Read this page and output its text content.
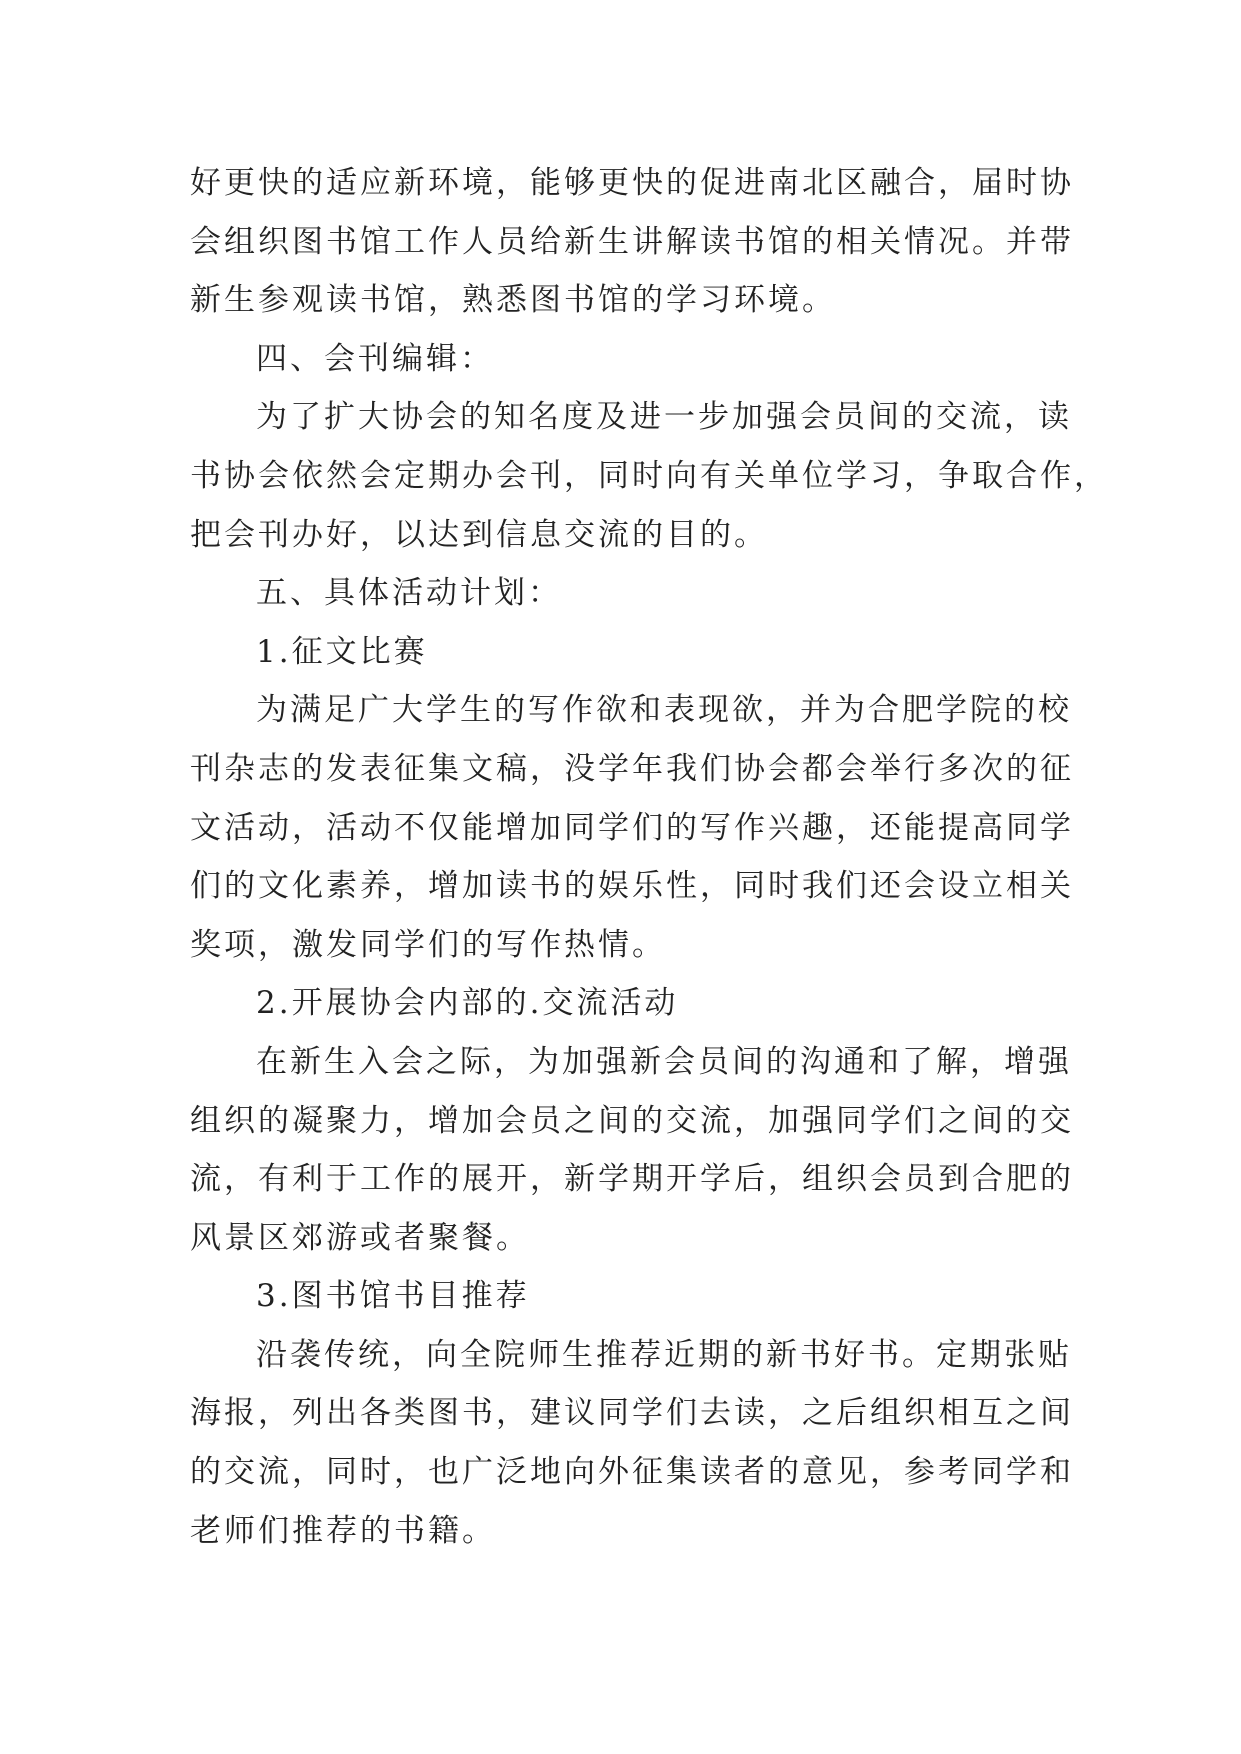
好更快的适应新环境，能够更快的促进南北区融合，届时协
会组织图书馆工作人员给新生讲解读书馆的相关情况。并带
新生参观读书馆，熟悉图书馆的学习环境。
四、会刊编辑：
为了扩大协会的知名度及进一步加强会员间的交流，读
书协会依然会定期办会刊，同时向有关单位学习，争取合作，
把会刊办好，以达到信息交流的目的。
五、具体活动计划：
1.征文比赛
为满足广大学生的写作欲和表现欲，并为合肥学院的校
刊杂志的发表征集文稿，没学年我们协会都会举行多次的征
文活动，活动不仅能增加同学们的写作兴趣，还能提高同学
们的文化素养，增加读书的娱乐性，同时我们还会设立相关
奖项，激发同学们的写作热情。
2.开展协会内部的.交流活动
在新生入会之际，为加强新会员间的沟通和了解，增强
组织的凝聚力，增加会员之间的交流，加强同学们之间的交
流，有利于工作的展开，新学期开学后，组织会员到合肥的
风景区郊游或者聚餐。
3.图书馆书目推荐
沿袭传统，向全院师生推荐近期的新书好书。定期张贴
海报，列出各类图书，建议同学们去读，之后组织相互之间
的交流，同时，也广泛地向外征集读者的意见，参考同学和
老师们推荐的书籍。
